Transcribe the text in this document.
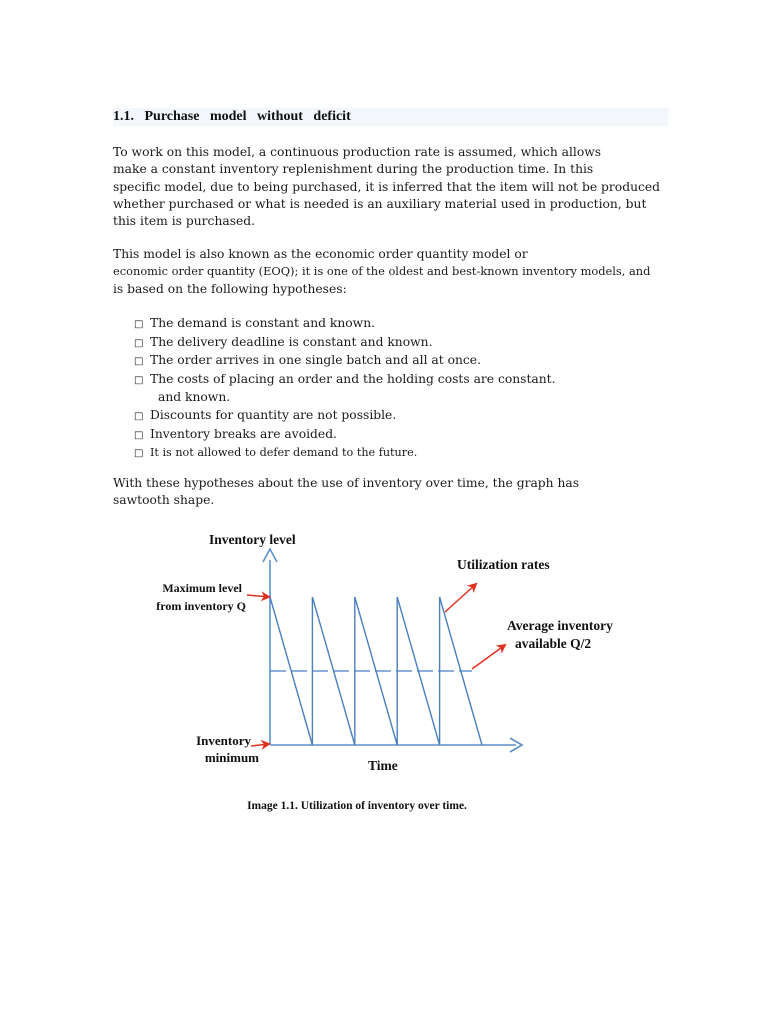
1.1. Purchase model without deficit
To work on this model, a continuous production rate is assumed, which allows
make a constant inventory replenishment during the production time. In this
specific model, due to being purchased, it is inferred that the item will not be produced
whether purchased or what is needed is an auxiliary material used in production, but
this item is purchased.
This model is also known as the economic order quantity model or
economic order quantity (EOQ); it is one of the oldest and best-known inventory models, and
is based on the following hypotheses:
□ The demand is constant and known.
□ The delivery deadline is constant and known.
□ The order arrives in one single batch and all at once.
□ The costs of placing an order and the holding costs are constant.
and known.
□ Discounts for quantity are not possible.
□ Inventory breaks are avoided.
□ It is not allowed to defer demand to the future.
With these hypotheses about the use of inventory over time, the graph has
sawtooth shape.
Inventory level
Time
Maximum level
from inventory Q
Inventory
minimum
Utilization rates
Average inventory
available Q/2
Image 1.1. Utilization of inventory over time.
